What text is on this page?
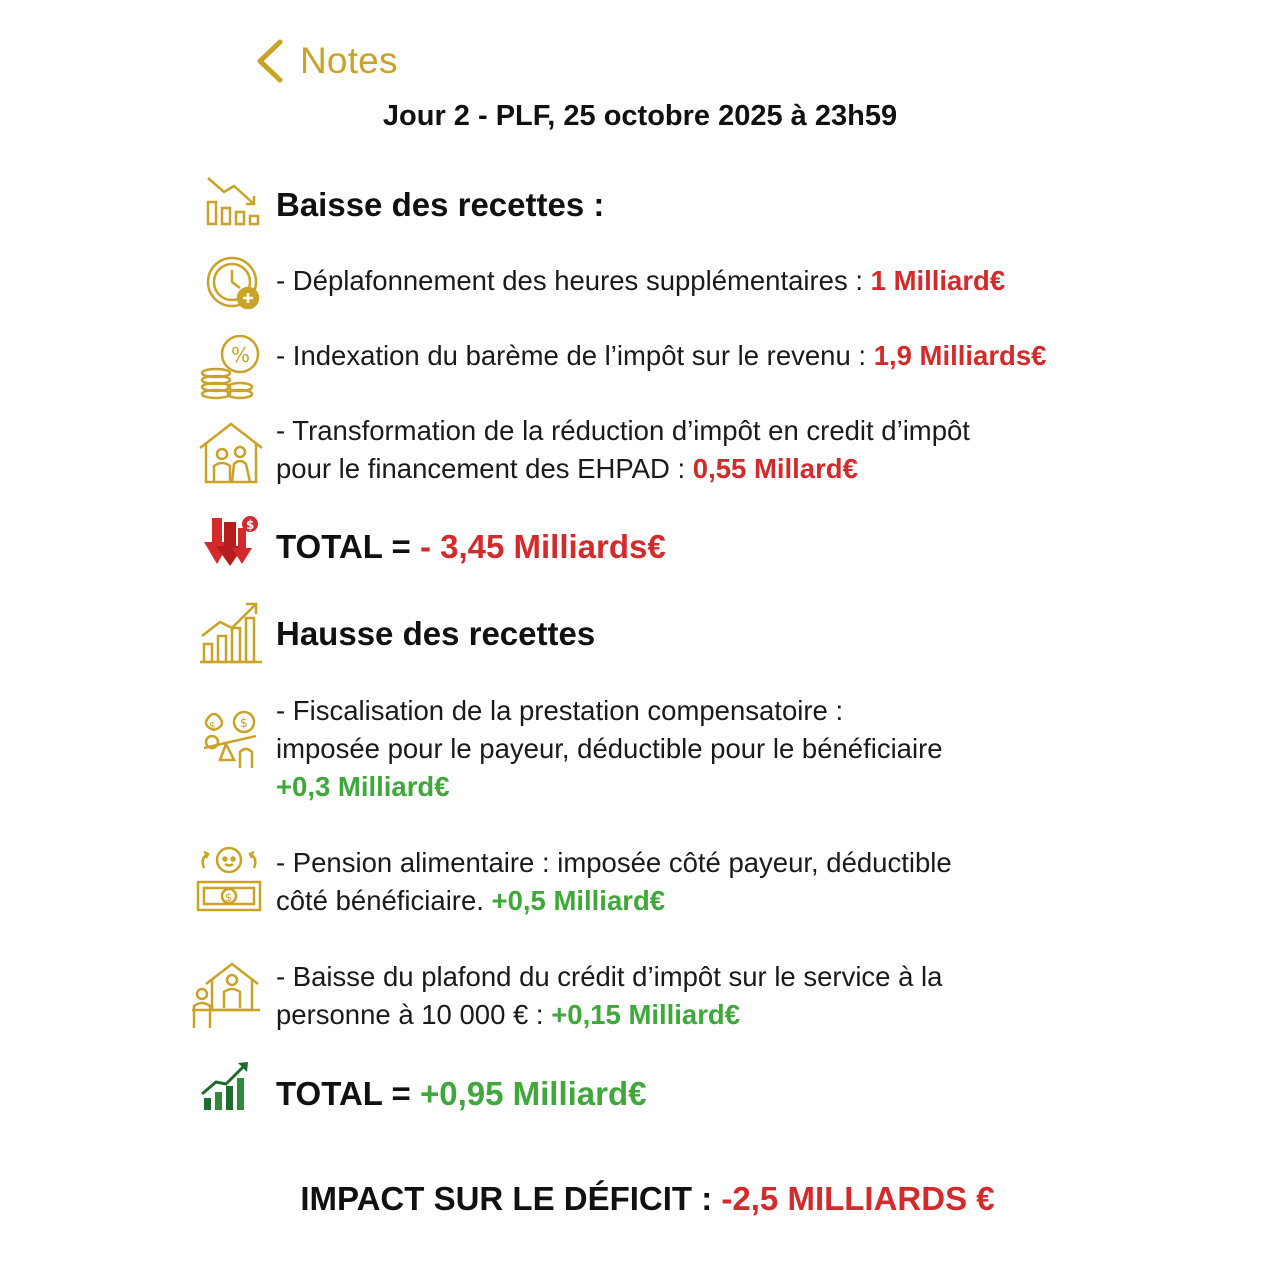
Notes
Jour 2 - PLF, 25 octobre 2025 à 23h59
Baisse des recettes :
- Déplafonnement des heures supplémentaires : 1 Milliard€
% - Indexation du barème de l’impôt sur le revenu : 1,9 Milliards€
- Transformation de la réduction d’impôt en credit d’impôt
pour le financement des EHPAD : 0,55 Millard€
$
TOTAL = - 3,45 Milliards€
Hausse des recettes
$ $ - Fiscalisation de la prestation compensatoire :
imposée pour le payeur, déductible pour le bénéficiaire
+0,3 Milliard€
$
- Pension alimentaire : imposée côté payeur, déductible
côté bénéficiaire. +0,5 Milliard€
- Baisse du plafond du crédit d’impôt sur le service à la
personne à 10 000 € : +0,15 Milliard€
TOTAL = +0,95 Milliard€
IMPACT SUR LE DÉFICIT : -2,5 MILLIARDS €
